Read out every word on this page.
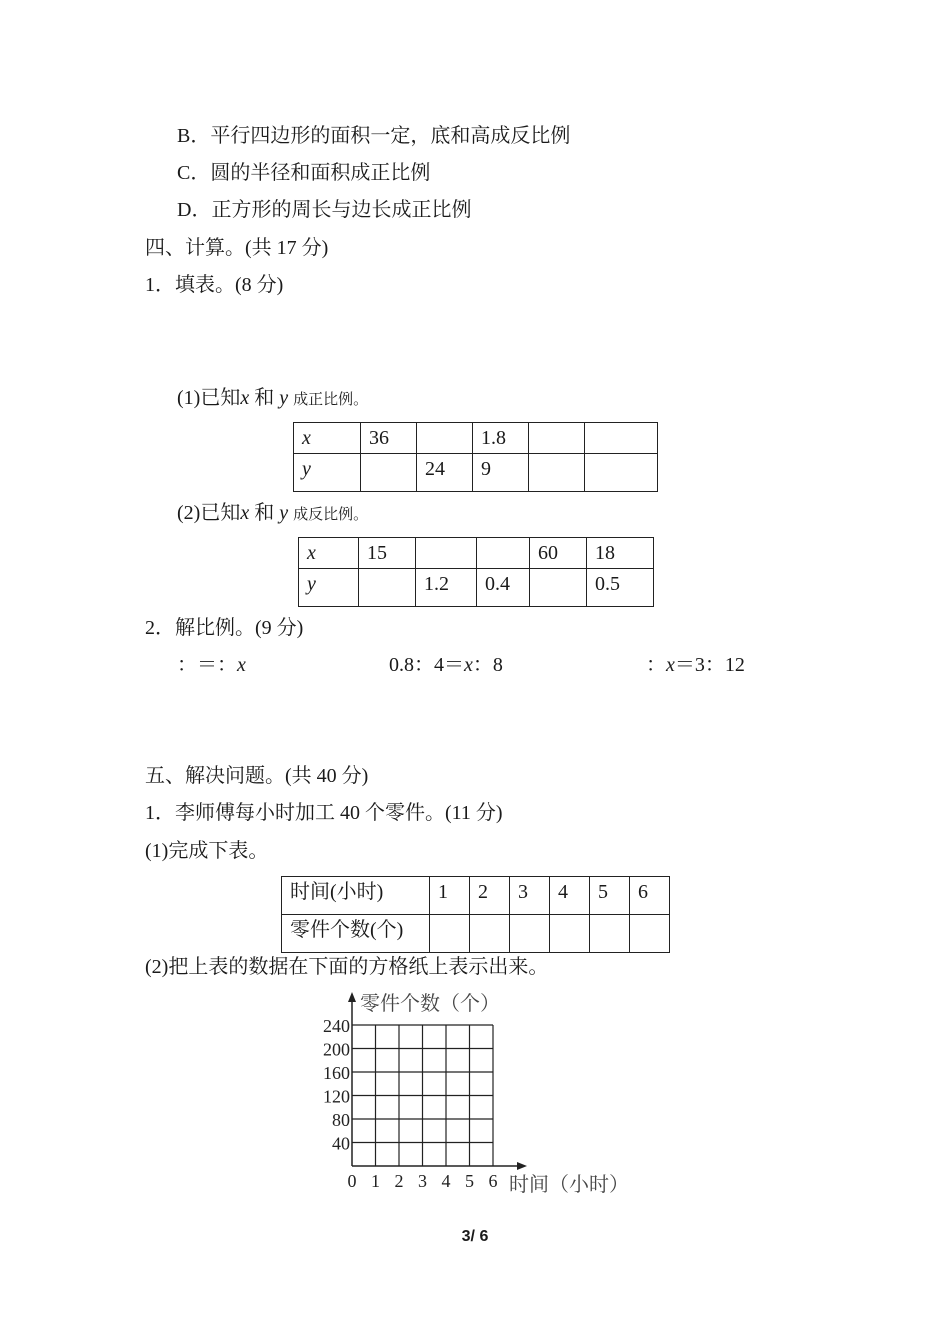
B．平行四边形的面积一定，底和高成反比例
C．圆的半径和面积成正比例
D．正方形的周长与边长成正比例
四、计算。(共 17 分)
1．填表。(8 分)
(1)已知x 和 y 成正比例。
x	36		1.8		
y		24	9		
(2)已知x 和 y 成反比例。
x	15			60	18
y		1.2	0.4		0.5
2．解比例。(9 分)
：＝：x	0.8：4＝x：8	：x＝3：12
五、解决问题。(共 40 分)
1．李师傅每小时加工 40 个零件。(11 分)
(1)完成下表。
时间(小时)	1	2	3	4	5	6
零件个数(个)						
(2)把上表的数据在下面的方格纸上表示出来。
0 1 2 3 4 5 6
40
80
120
160
200
240
零件个数（个）
时间（小时）
3/ 6
